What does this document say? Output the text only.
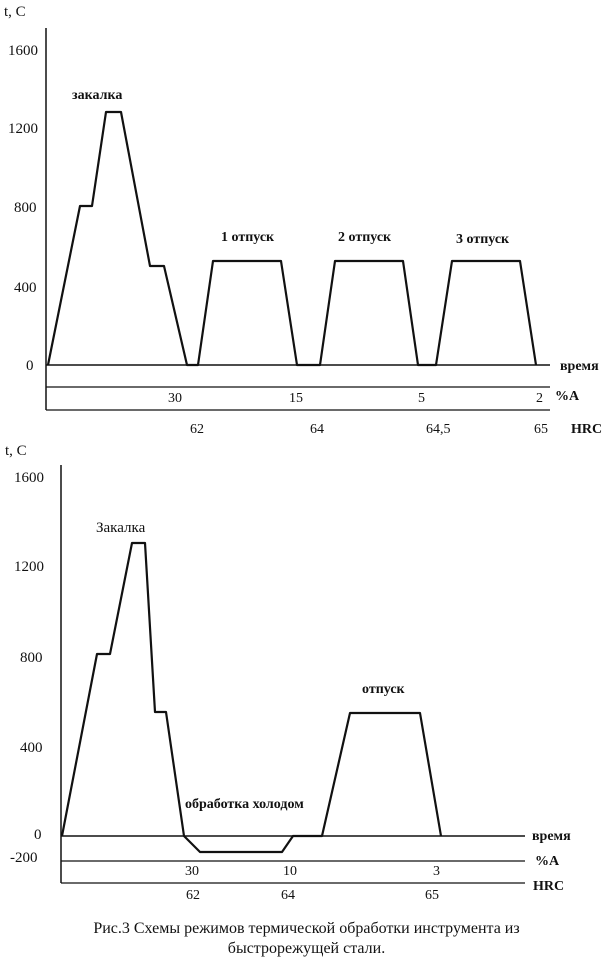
t, С
1600
1200
800
400
0
закалка
1 отпуск	2 отпуск	3 отпуск
время
%А
HRC
30	15	5	2
62	64	64,5	65
t, С
1600
1200
800
400
0
-200
Закалка
обработка холодом
отпуск
время
%А
HRC
30	10	3
62	64	65
Рис.3 Схемы режимов термической обработки инструмента из
быстрорежущей стали.
